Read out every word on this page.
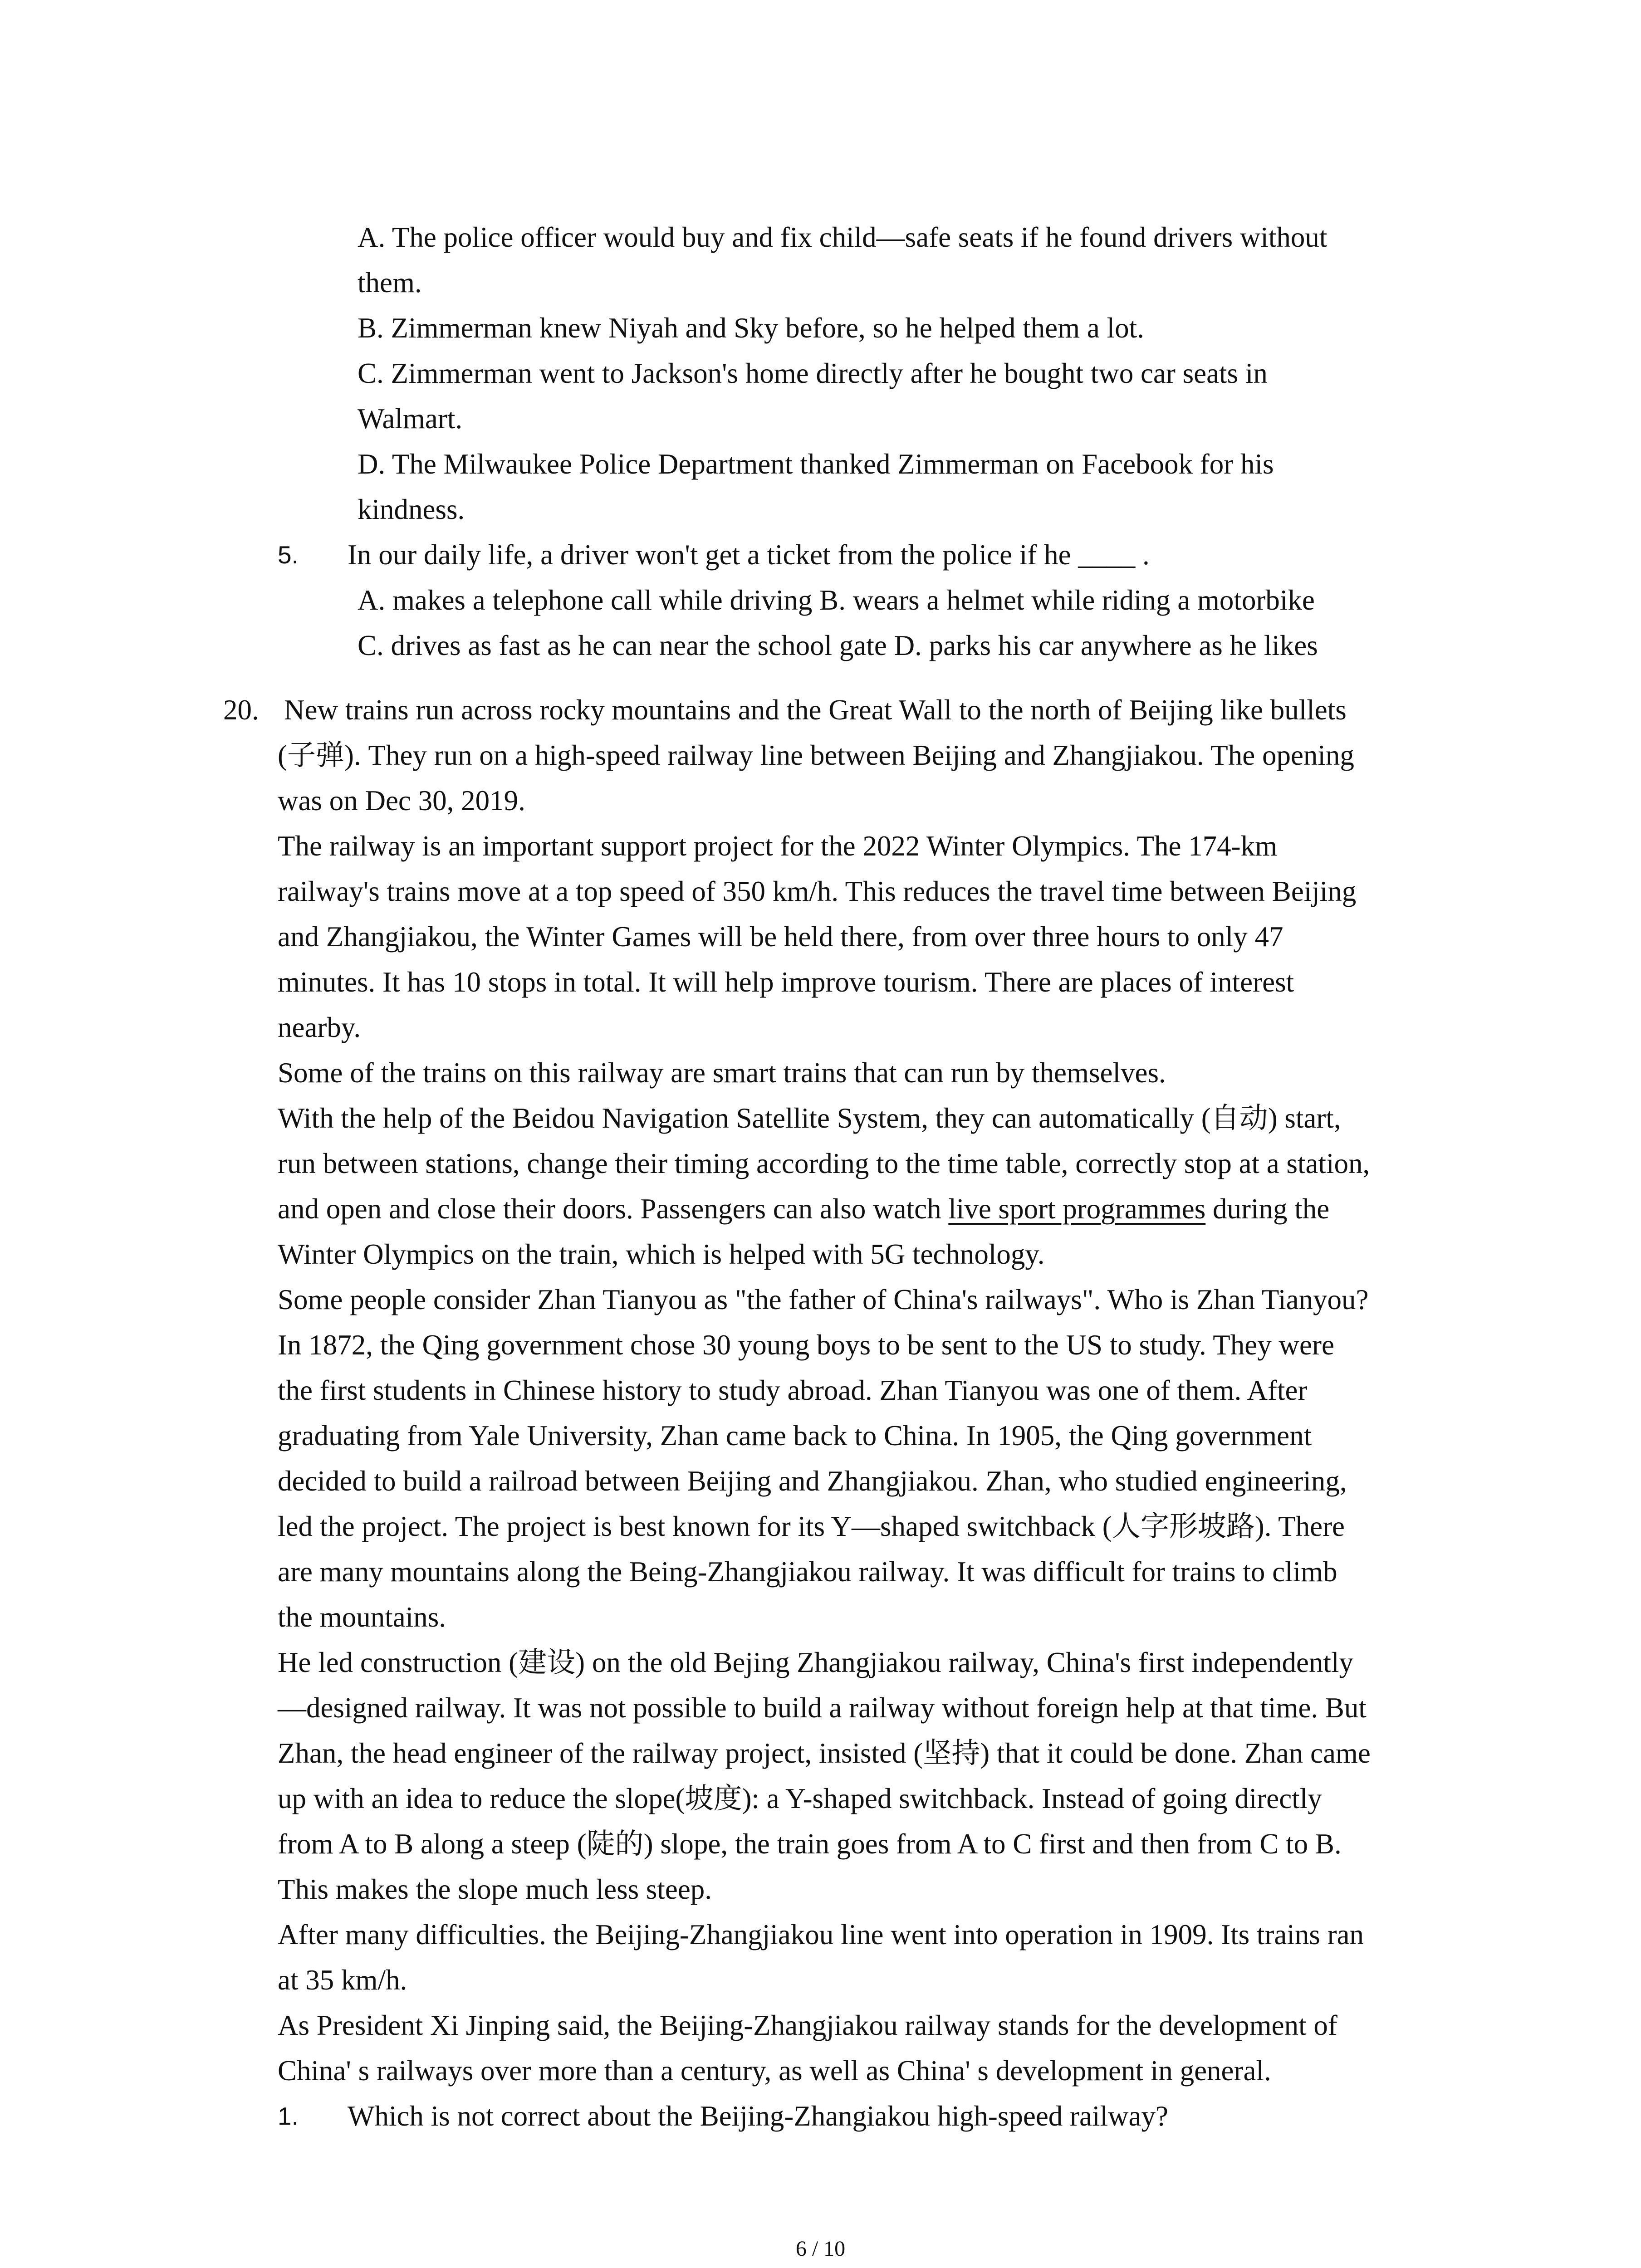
A. The police officer would buy and fix child—safe seats if he found drivers without
them.
B. Zimmerman knew Niyah and Sky before, so he helped them a lot.
C. Zimmerman went to Jackson's home directly after he bought two car seats in
Walmart.
D. The Milwaukee Police Department thanked Zimmerman on Facebook for his
kindness.
5. In our daily life, a driver won't get a ticket from the police if he ____ .
A. makes a telephone call while driving B. wears a helmet while riding a motorbike
C. drives as fast as he can near the school gate D. parks his car anywhere as he likes
20. New trains run across rocky mountains and the Great Wall to the north of Beijing like bullets
(子弹). They run on a high-speed railway line between Beijing and Zhangjiakou. The opening
was on Dec 30, 2019.
The railway is an important support project for the 2022 Winter Olympics. The 174-km
railway's trains move at a top speed of 350 km/h. This reduces the travel time between Beijing
and Zhangjiakou, the Winter Games will be held there, from over three hours to only 47
minutes. It has 10 stops in total. It will help improve tourism. There are places of interest
nearby.
Some of the trains on this railway are smart trains that can run by themselves.
With the help of the Beidou Navigation Satellite System, they can automatically (自动) start,
run between stations, change their timing according to the time table, correctly stop at a station,
and open and close their doors. Passengers can also watch live sport programmes during the
Winter Olympics on the train, which is helped with 5G technology.
Some people consider Zhan Tianyou as "the father of China's railways". Who is Zhan Tianyou?
In 1872, the Qing government chose 30 young boys to be sent to the US to study. They were
the first students in Chinese history to study abroad. Zhan Tianyou was one of them. After
graduating from Yale University, Zhan came back to China. In 1905, the Qing government
decided to build a railroad between Beijing and Zhangjiakou. Zhan, who studied engineering,
led the project. The project is best known for its Y—shaped switchback (人字形坡路). There
are many mountains along the Being-Zhangjiakou railway. It was difficult for trains to climb
the mountains.
He led construction (建设) on the old Bejing Zhangjiakou railway, China's first independently
—designed railway. It was not possible to build a railway without foreign help at that time. But
Zhan, the head engineer of the railway project, insisted (坚持) that it could be done. Zhan came
up with an idea to reduce the slope(坡度): a Y-shaped switchback. Instead of going directly
from A to B along a steep (陡的) slope, the train goes from A to C first and then from C to B.
This makes the slope much less steep.
After many difficulties. the Beijing-Zhangjiakou line went into operation in 1909. Its trains ran
at 35 km/h.
As President Xi Jinping said, the Beijing-Zhangjiakou railway stands for the development of
China' s railways over more than a century, as well as China' s development in general.
1. Which is not correct about the Beijing-Zhangiakou high-speed railway?
6 / 10
